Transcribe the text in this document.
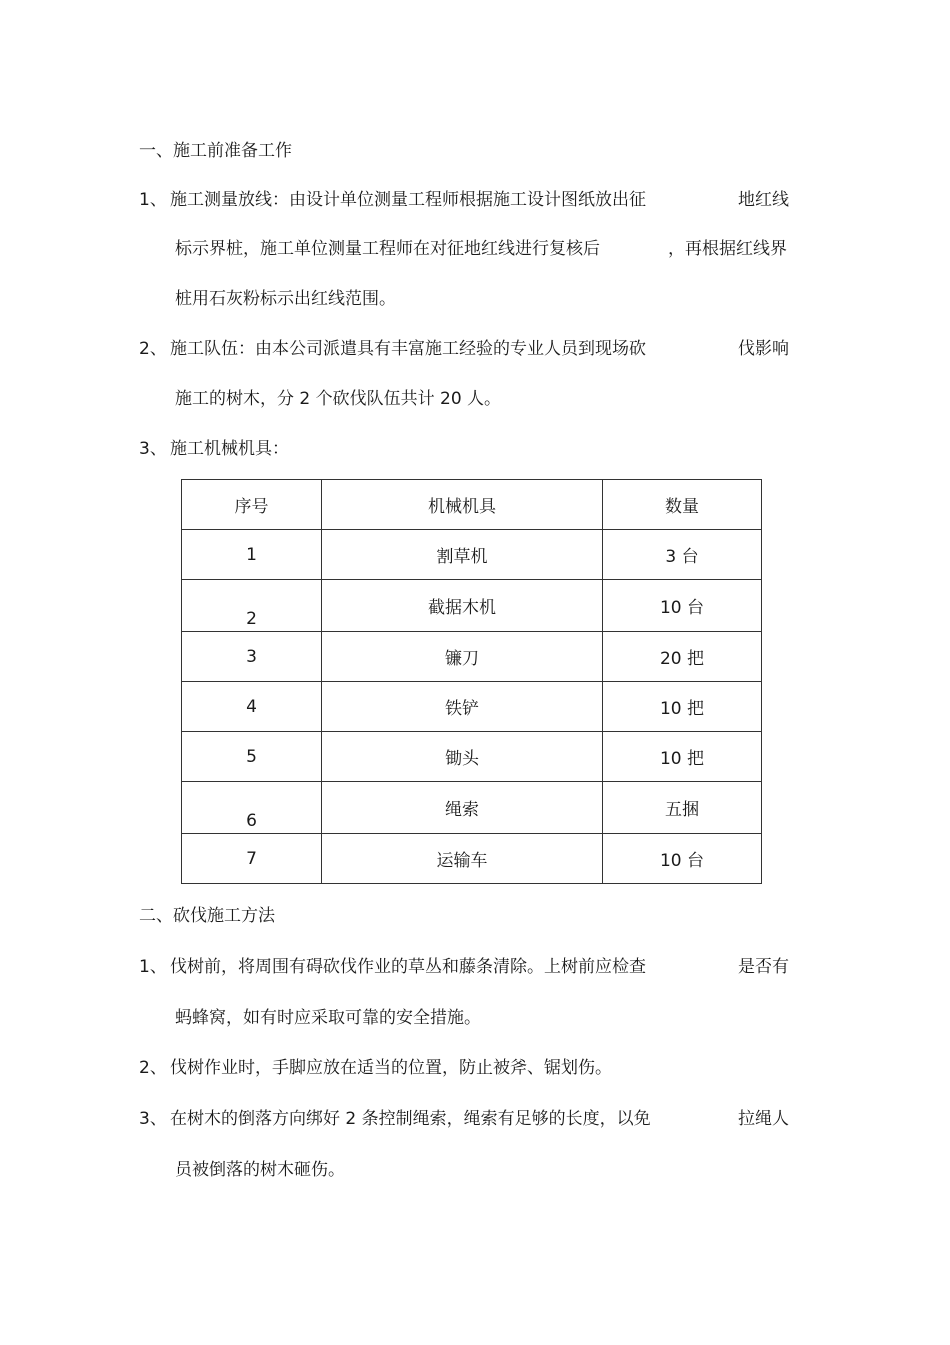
一、施工前准备工作
1、 施工测量放线：由设计单位测量工程师根据施工设计图纸放出征	地红线
标示界桩，施工单位测量工程师在对征地红线进行复核后	，再根据红线界
桩用石灰粉标示出红线范围。
2、 施工队伍：由本公司派遣具有丰富施工经验的专业人员到现场砍	伐影响
施工的树木，分 2 个砍伐队伍共计 20 人。
3、 施工机械机具：
序号	机械机具	数量
1	割草机	3 台
2	截据木机	10 台
3	镰刀	20 把
4	铁铲	10 把
5	锄头	10 把
6	绳索	五捆
7	运输车	10 台
二、砍伐施工方法
1、 伐树前，将周围有碍砍伐作业的草丛和藤条清除。上树前应检查	是否有
蚂蜂窝，如有时应采取可靠的安全措施。
2、 伐树作业时，手脚应放在适当的位置，防止被斧、锯划伤。
3、 在树木的倒落方向绑好 2 条控制绳索，绳索有足够的长度，以免	拉绳人
员被倒落的树木砸伤。
